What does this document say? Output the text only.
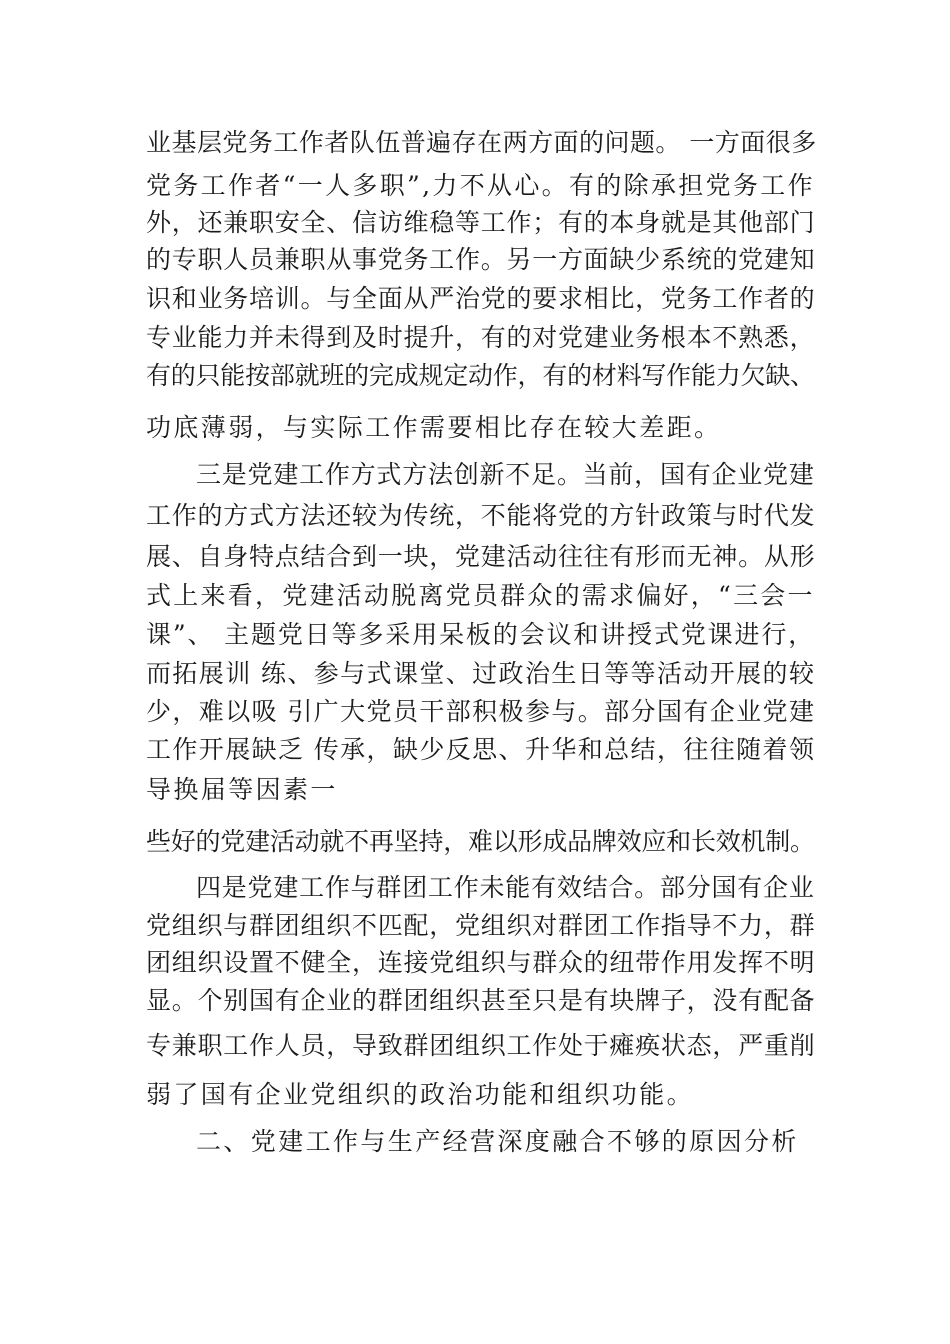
业基层党务工作者队伍普遍存在两方面的问题。 一方面很多
党务工作者“一人多职”,力不从心。有的除承担党务工作
外，还兼职安全、信访维稳等工作；有的本身就是其他部门
的专职人员兼职从事党务工作。另一方面缺少系统的党建知
识和业务培训。与全面从严治党的要求相比，党务工作者的
专业能力并未得到及时提升，有的对党建业务根本不熟悉，
有的只能按部就班的完成规定动作，有的材料写作能力欠缺、
功底薄弱，与实际工作需要相比存在较大差距。
三是党建工作方式方法创新不足。当前，国有企业党建
工作的方式方法还较为传统，不能将党的方针政策与时代发
展、自身特点结合到一块，党建活动往往有形而无神。从形
式上来看，党建活动脱离党员群众的需求偏好，“三会一
课”、 主题党日等多采用呆板的会议和讲授式党课进行，
而拓展训 练、参与式课堂、过政治生日等等活动开展的较
少，难以吸 引广大党员干部积极参与。部分国有企业党建
工作开展缺乏 传承，缺少反思、升华和总结，往往随着领
导换届等因素一
些好的党建活动就不再坚持，难以形成品牌效应和长效机制。
四是党建工作与群团工作未能有效结合。部分国有企业
党组织与群团组织不匹配，党组织对群团工作指导不力，群
团组织设置不健全，连接党组织与群众的纽带作用发挥不明
显。个别国有企业的群团组织甚至只是有块牌子，没有配备
专兼职工作人员，导致群团组织工作处于瘫痪状态，严重削
弱了国有企业党组织的政治功能和组织功能。
二、党建工作与生产经营深度融合不够的原因分析
